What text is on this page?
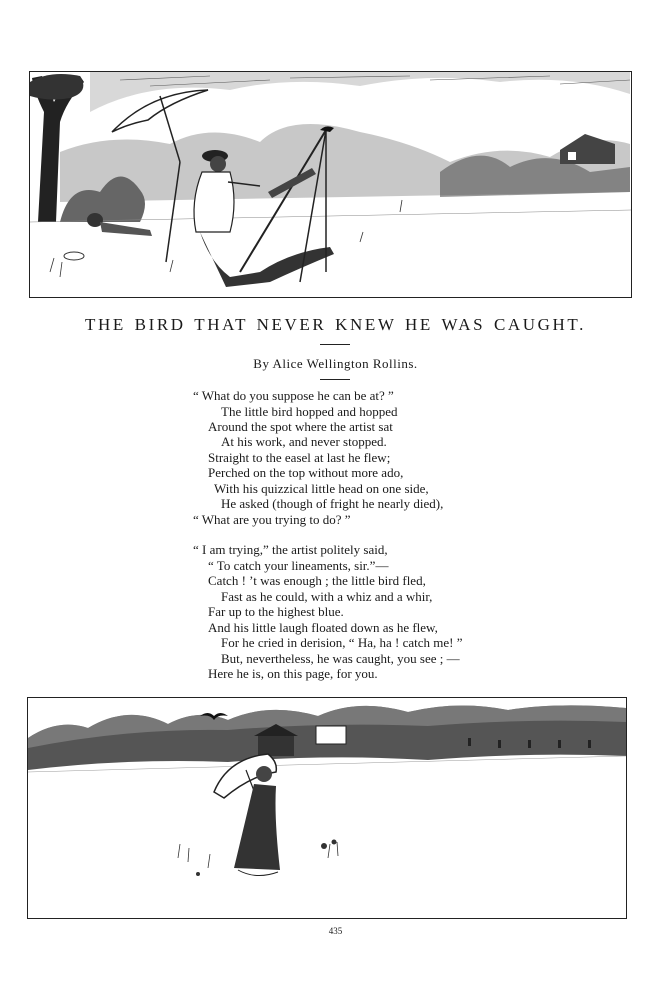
THE BIRD THAT NEVER KNEW HE WAS CAUGHT.
By Alice Wellington Rollins.
“ What do you suppose he can be at? ”
The little bird hopped and hopped
Around the spot where the artist sat
At his work, and never stopped.
Straight to the easel at last he flew;
Perched on the top without more ado,
With his quizzical little head on one side,
He asked (though of fright he nearly died),
“ What are you trying to do? ”
“ I am trying,” the artist politely said,
“ To catch your lineaments, sir.”—
Catch ! ’t was enough ; the little bird fled,
Fast as he could, with a whiz and a whir,
Far up to the highest blue.
And his little laugh floated down as he flew,
For he cried in derision, “ Ha, ha ! catch me! ”
But, nevertheless, he was caught, you see ; —
Here he is, on this page, for you.
435
